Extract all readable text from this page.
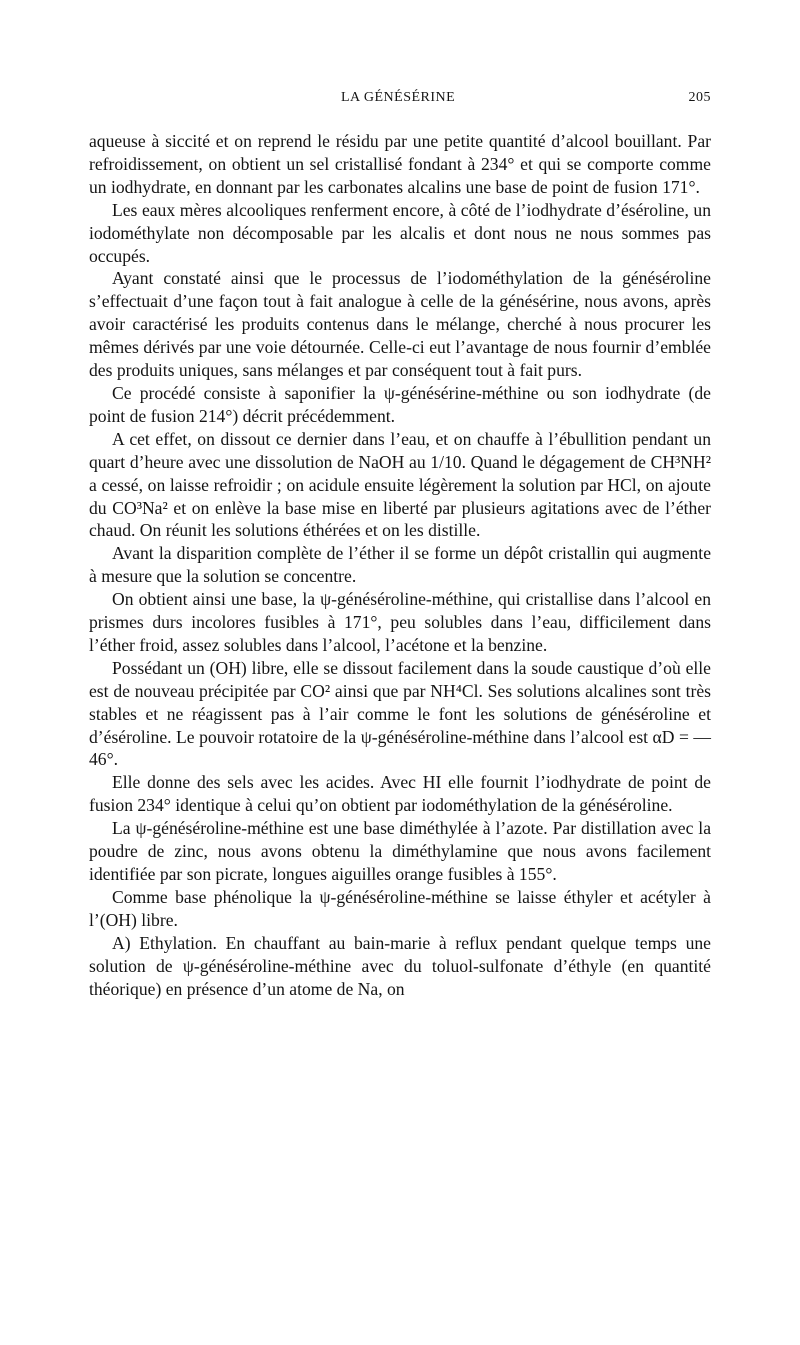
LA GÉNÉSÉRINE	205

aqueuse à siccité et on reprend le résidu par une petite quantité d’alcool bouillant. Par refroidissement, on obtient un sel cristallisé fondant à 234° et qui se comporte comme un iodhydrate, en donnant par les carbonates alcalins une base de point de fusion 171°.

Les eaux mères alcooliques renferment encore, à côté de l’iodhydrate d’éséroline, un iodométhylate non décomposable par les alcalis et dont nous ne nous sommes pas occupés.

Ayant constaté ainsi que le processus de l’iodométhylation de la généséroline s’effectuait d’une façon tout à fait analogue à celle de la génésérine, nous avons, après avoir caractérisé les produits contenus dans le mélange, cherché à nous procurer les mêmes dérivés par une voie détournée. Celle-ci eut l’avantage de nous fournir d’emblée des produits uniques, sans mélanges et par conséquent tout à fait purs.

Ce procédé consiste à saponifier la ψ-génésérine-méthine ou son iodhydrate (de point de fusion 214°) décrit précédemment.

A cet effet, on dissout ce dernier dans l’eau, et on chauffe à l’ébullition pendant un quart d’heure avec une dissolution de NaOH au 1/10. Quand le dégagement de CH³NH² a cessé, on laisse refroidir ; on acidule ensuite légèrement la solution par HCl, on ajoute du CO³Na² et on enlève la base mise en liberté par plusieurs agitations avec de l’éther chaud. On réunit les solutions éthérées et on les distille.

Avant la disparition complète de l’éther il se forme un dépôt cristallin qui augmente à mesure que la solution se concentre.

On obtient ainsi une base, la ψ-généséroline-méthine, qui cristallise dans l’alcool en prismes durs incolores fusibles à 171°, peu solubles dans l’eau, difficilement dans l’éther froid, assez solubles dans l’alcool, l’acétone et la benzine.

Possédant un (OH) libre, elle se dissout facilement dans la soude caustique d’où elle est de nouveau précipitée par CO² ainsi que par NH⁴Cl. Ses solutions alcalines sont très stables et ne réagissent pas à l’air comme le font les solutions de généséroline et d’éséroline. Le pouvoir rotatoire de la ψ-généséroline-méthine dans l’alcool est αD = — 46°.

Elle donne des sels avec les acides. Avec HI elle fournit l’iodhydrate de point de fusion 234° identique à celui qu’on obtient par iodométhylation de la généséroline.

La ψ-généséroline-méthine est une base diméthylée à l’azote. Par distillation avec la poudre de zinc, nous avons obtenu la diméthylamine que nous avons facilement identifiée par son picrate, longues aiguilles orange fusibles à 155°.

Comme base phénolique la ψ-généséroline-méthine se laisse éthyler et acétyler à l’(OH) libre.

A) Ethylation. En chauffant au bain-marie à reflux pendant quelque temps une solution de ψ-généséroline-méthine avec du toluol-sulfonate d’éthyle (en quantité théorique) en présence d’un atome de Na, on
